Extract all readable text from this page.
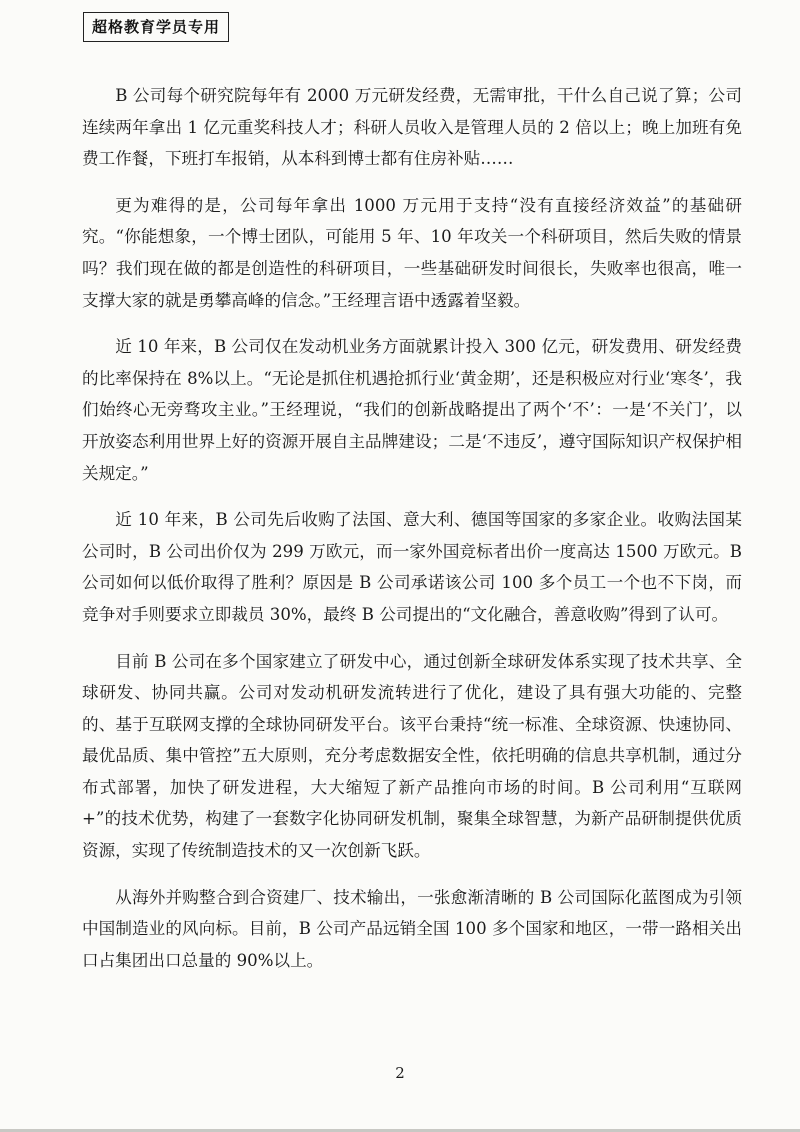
超格教育学员专用

B 公司每个研究院每年有 2000 万元研发经费，无需审批，干什么自己说了算；公司连续两年拿出 1 亿元重奖科技人才；科研人员收入是管理人员的 2 倍以上；晚上加班有免费工作餐，下班打车报销，从本科到博士都有住房补贴……

更为难得的是，公司每年拿出 1000 万元用于支持“没有直接经济效益”的基础研究。“你能想象，一个博士团队，可能用 5 年、10 年攻关一个科研项目，然后失败的情景吗？我们现在做的都是创造性的科研项目，一些基础研发时间很长，失败率也很高，唯一支撑大家的就是勇攀高峰的信念。”王经理言语中透露着坚毅。

近 10 年来，B 公司仅在发动机业务方面就累计投入 300 亿元，研发费用、研发经费的比率保持在 8%以上。“无论是抓住机遇抢抓行业‘黄金期’，还是积极应对行业‘寒冬’，我们始终心无旁骛攻主业。”王经理说，“我们的创新战略提出了两个‘不’：一是‘不关门’，以开放姿态利用世界上好的资源开展自主品牌建设；二是‘不违反’，遵守国际知识产权保护相关规定。”

近 10 年来，B 公司先后收购了法国、意大利、德国等国家的多家企业。收购法国某公司时，B 公司出价仅为 299 万欧元，而一家外国竞标者出价一度高达 1500 万欧元。B 公司如何以低价取得了胜利？原因是 B 公司承诺该公司 100 多个员工一个也不下岗，而竞争对手则要求立即裁员 30%，最终 B 公司提出的“文化融合，善意收购”得到了认可。

目前 B 公司在多个国家建立了研发中心，通过创新全球研发体系实现了技术共享、全球研发、协同共赢。公司对发动机研发流转进行了优化，建设了具有强大功能的、完整的、基于互联网支撑的全球协同研发平台。该平台秉持“统一标准、全球资源、快速协同、最优品质、集中管控”五大原则，充分考虑数据安全性，依托明确的信息共享机制，通过分布式部署，加快了研发进程，大大缩短了新产品推向市场的时间。B 公司利用“互联网+”的技术优势，构建了一套数字化协同研发机制，聚集全球智慧，为新产品研制提供优质资源，实现了传统制造技术的又一次创新飞跃。

从海外并购整合到合资建厂、技术输出，一张愈渐清晰的 B 公司国际化蓝图成为引领中国制造业的风向标。目前，B 公司产品远销全国 100 多个国家和地区，一带一路相关出口占集团出口总量的 90%以上。

2
